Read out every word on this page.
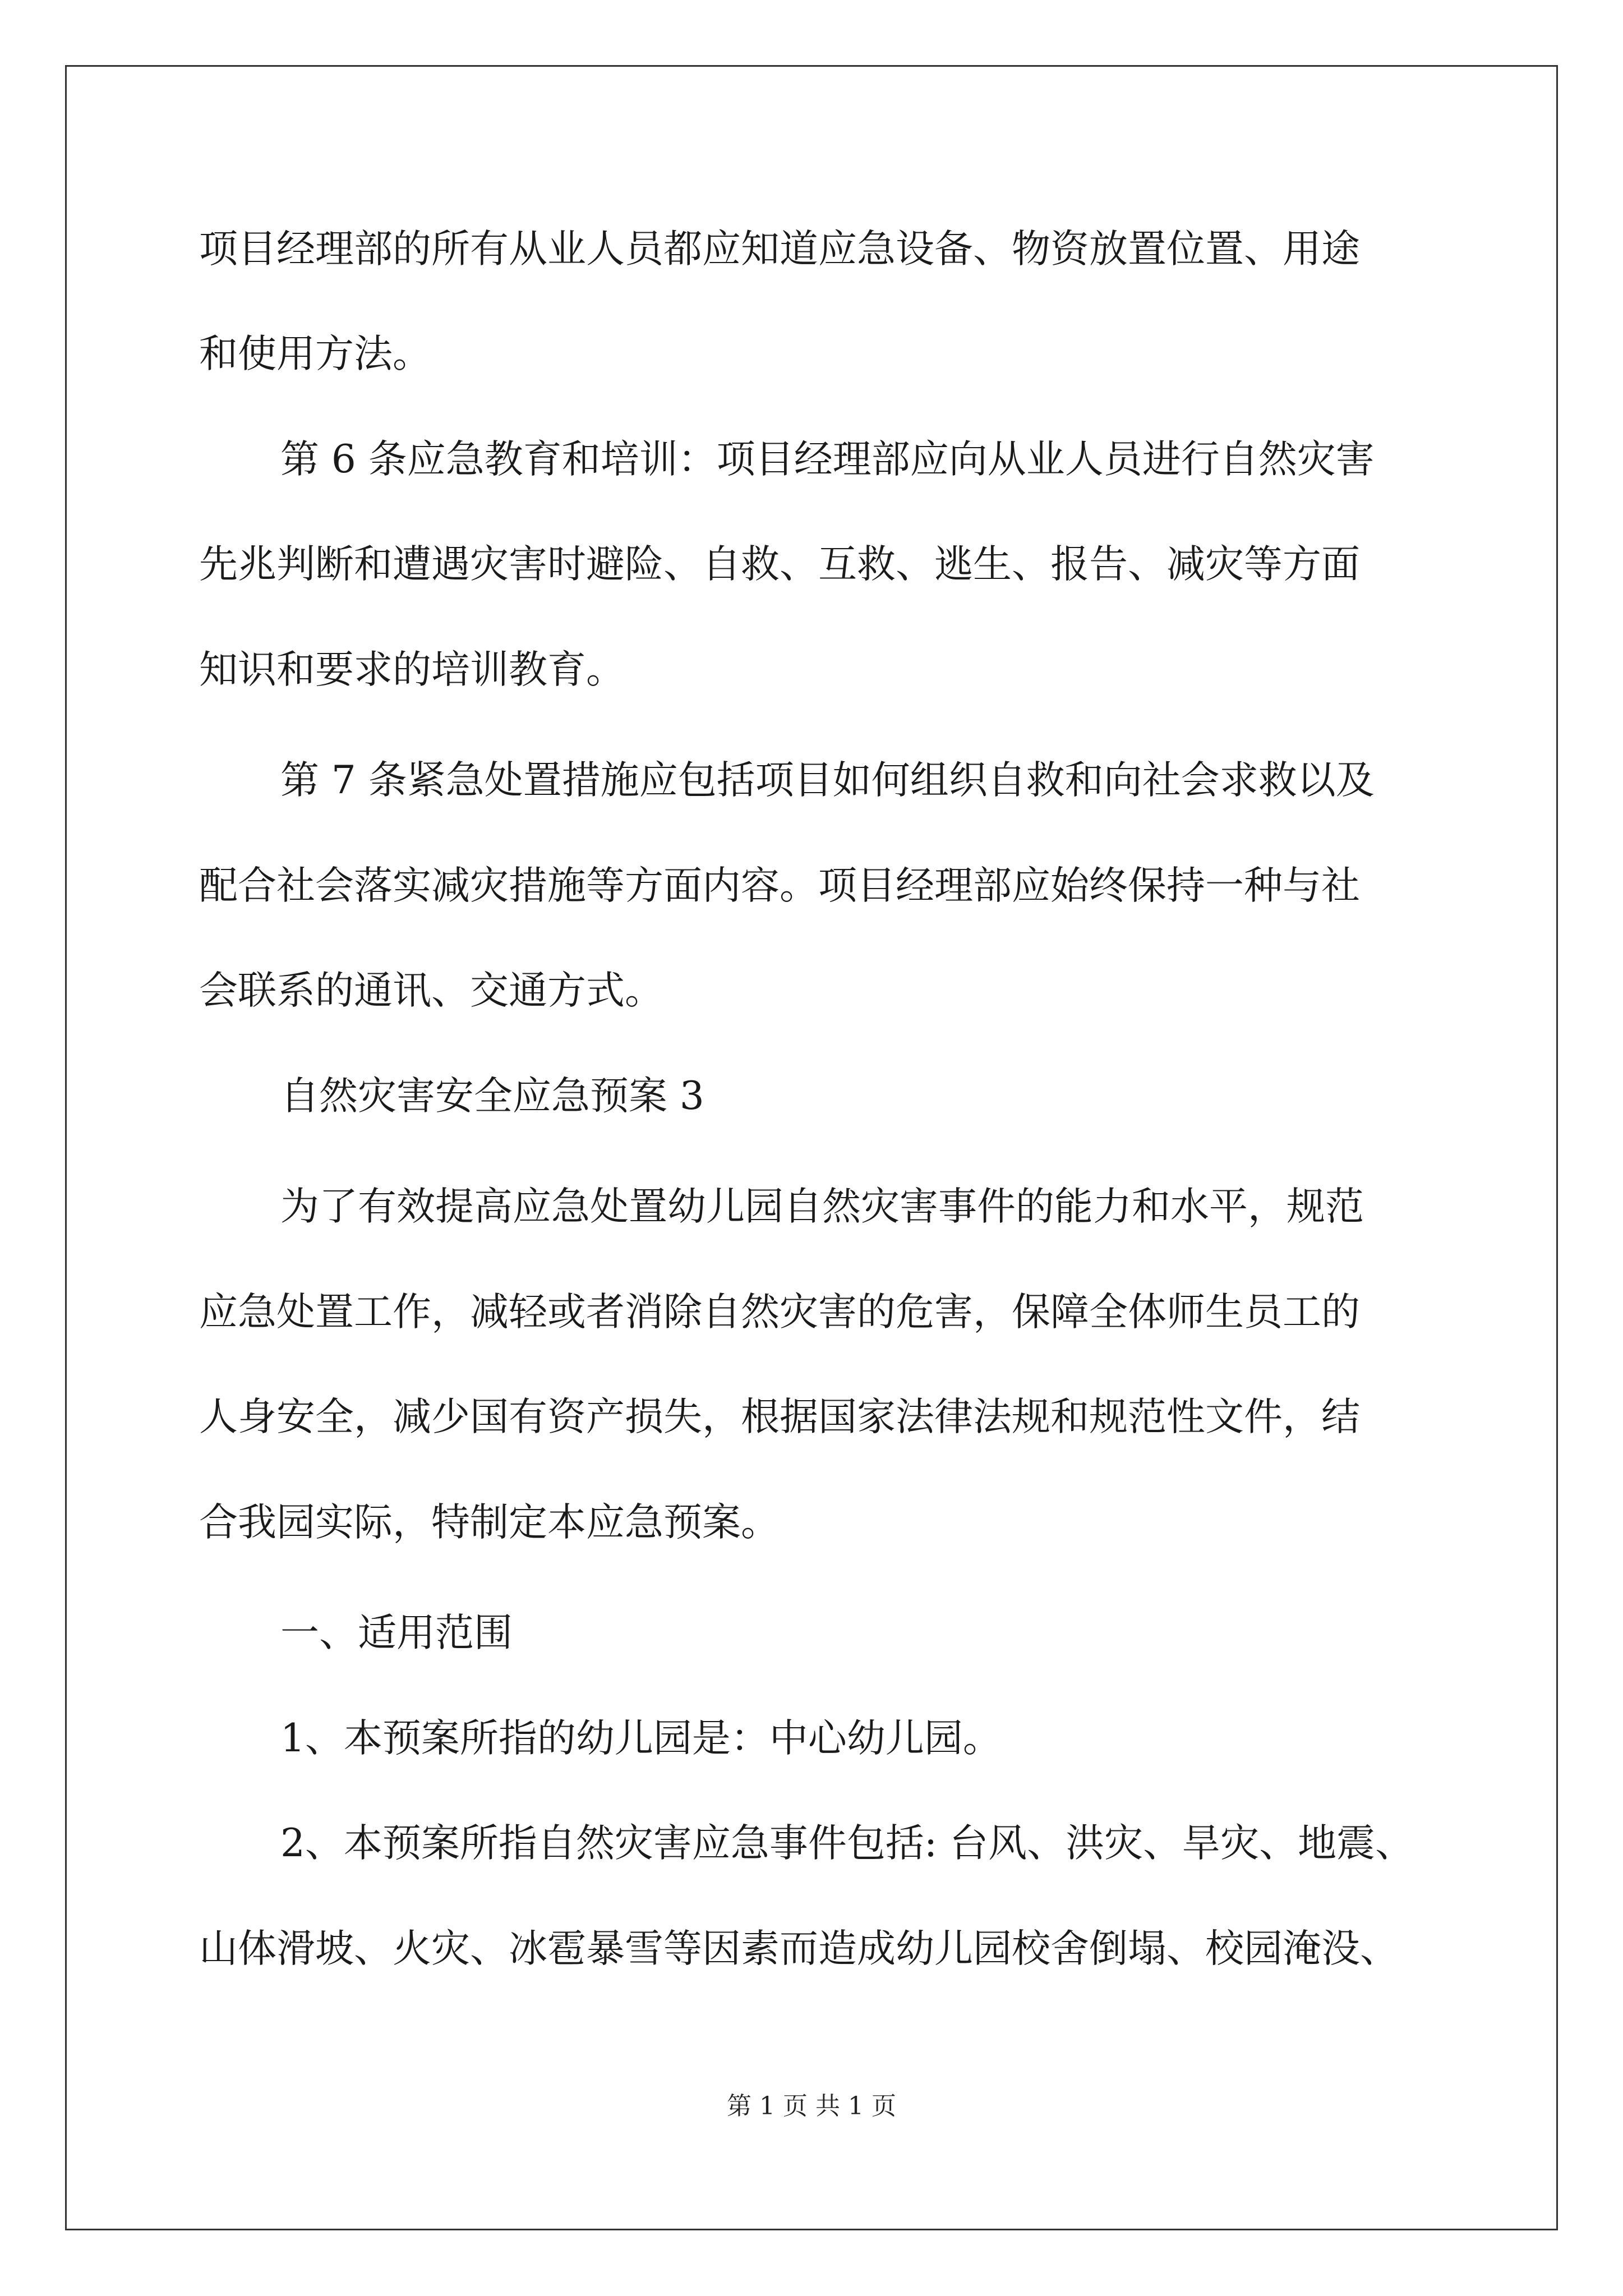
项目经理部的所有从业人员都应知道应急设备、物资放置位置、用途
和使用方法。
第 6 条应急教育和培训：项目经理部应向从业人员进行自然灾害
先兆判断和遭遇灾害时避险、自救、互救、逃生、报告、减灾等方面
知识和要求的培训教育。
第 7 条紧急处置措施应包括项目如何组织自救和向社会求救以及
配合社会落实减灾措施等方面内容。项目经理部应始终保持一种与社
会联系的通讯、交通方式。
自然灾害安全应急预案 3
为了有效提高应急处置幼儿园自然灾害事件的能力和水平，规范
应急处置工作，减轻或者消除自然灾害的危害，保障全体师生员工的
人身安全，减少国有资产损失，根据国家法律法规和规范性文件，结
合我园实际，特制定本应急预案。
一、适用范围
1、本预案所指的幼儿园是：中心幼儿园。
2、本预案所指自然灾害应急事件包括: 台风、洪灾、旱灾、地震、
山体滑坡、火灾、冰雹暴雪等因素而造成幼儿园校舍倒塌、校园淹没、
第 1 页 共 1 页
